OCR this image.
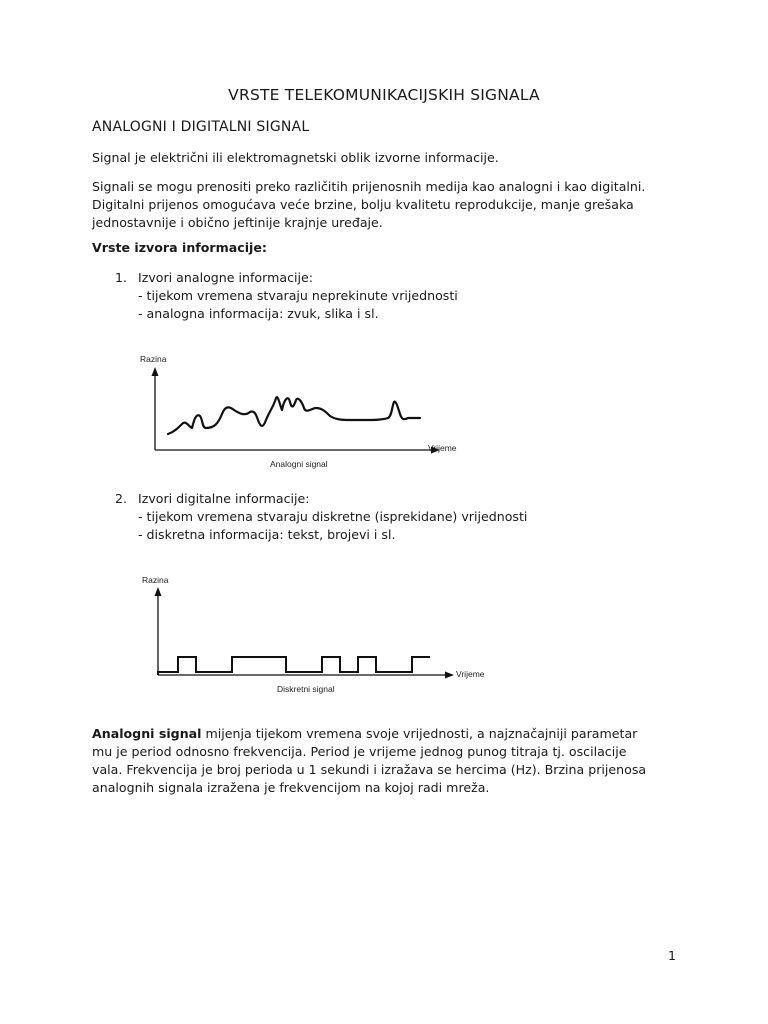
VRSTE TELEKOMUNIKACIJSKIH SIGNALA
ANALOGNI I DIGITALNI SIGNAL
Signal je električni ili elektromagnetski oblik izvorne informacije.
Signali se mogu prenositi preko različitih prijenosnih medija kao analogni i kao digitalni.
Digitalni prijenos omogućava veće brzine, bolju kvalitetu reprodukcije, manje grešaka
jednostavnije i obično jeftinije krajnje uređaje.
Vrste izvora informacije:
1. Izvori analogne informacije:
- tijekom vremena stvaraju neprekinute vrijednosti
- analogna informacija: zvuk, slika i sl.
Razina
Vrijeme
Analogni signal
2. Izvori digitalne informacije:
- tijekom vremena stvaraju diskretne (isprekidane) vrijednosti
- diskretna informacija: tekst, brojevi i sl.
Razina
Vrijeme
Diskretni signal
Analogni signal mijenja tijekom vremena svoje vrijednosti, a najznačajniji parametar
mu je period odnosno frekvencija. Period je vrijeme jednog punog titraja tj. oscilacije
vala. Frekvencija je broj perioda u 1 sekundi i izražava se hercima (Hz). Brzina prijenosa
analognih signala izražena je frekvencijom na kojoj radi mreža.
1
